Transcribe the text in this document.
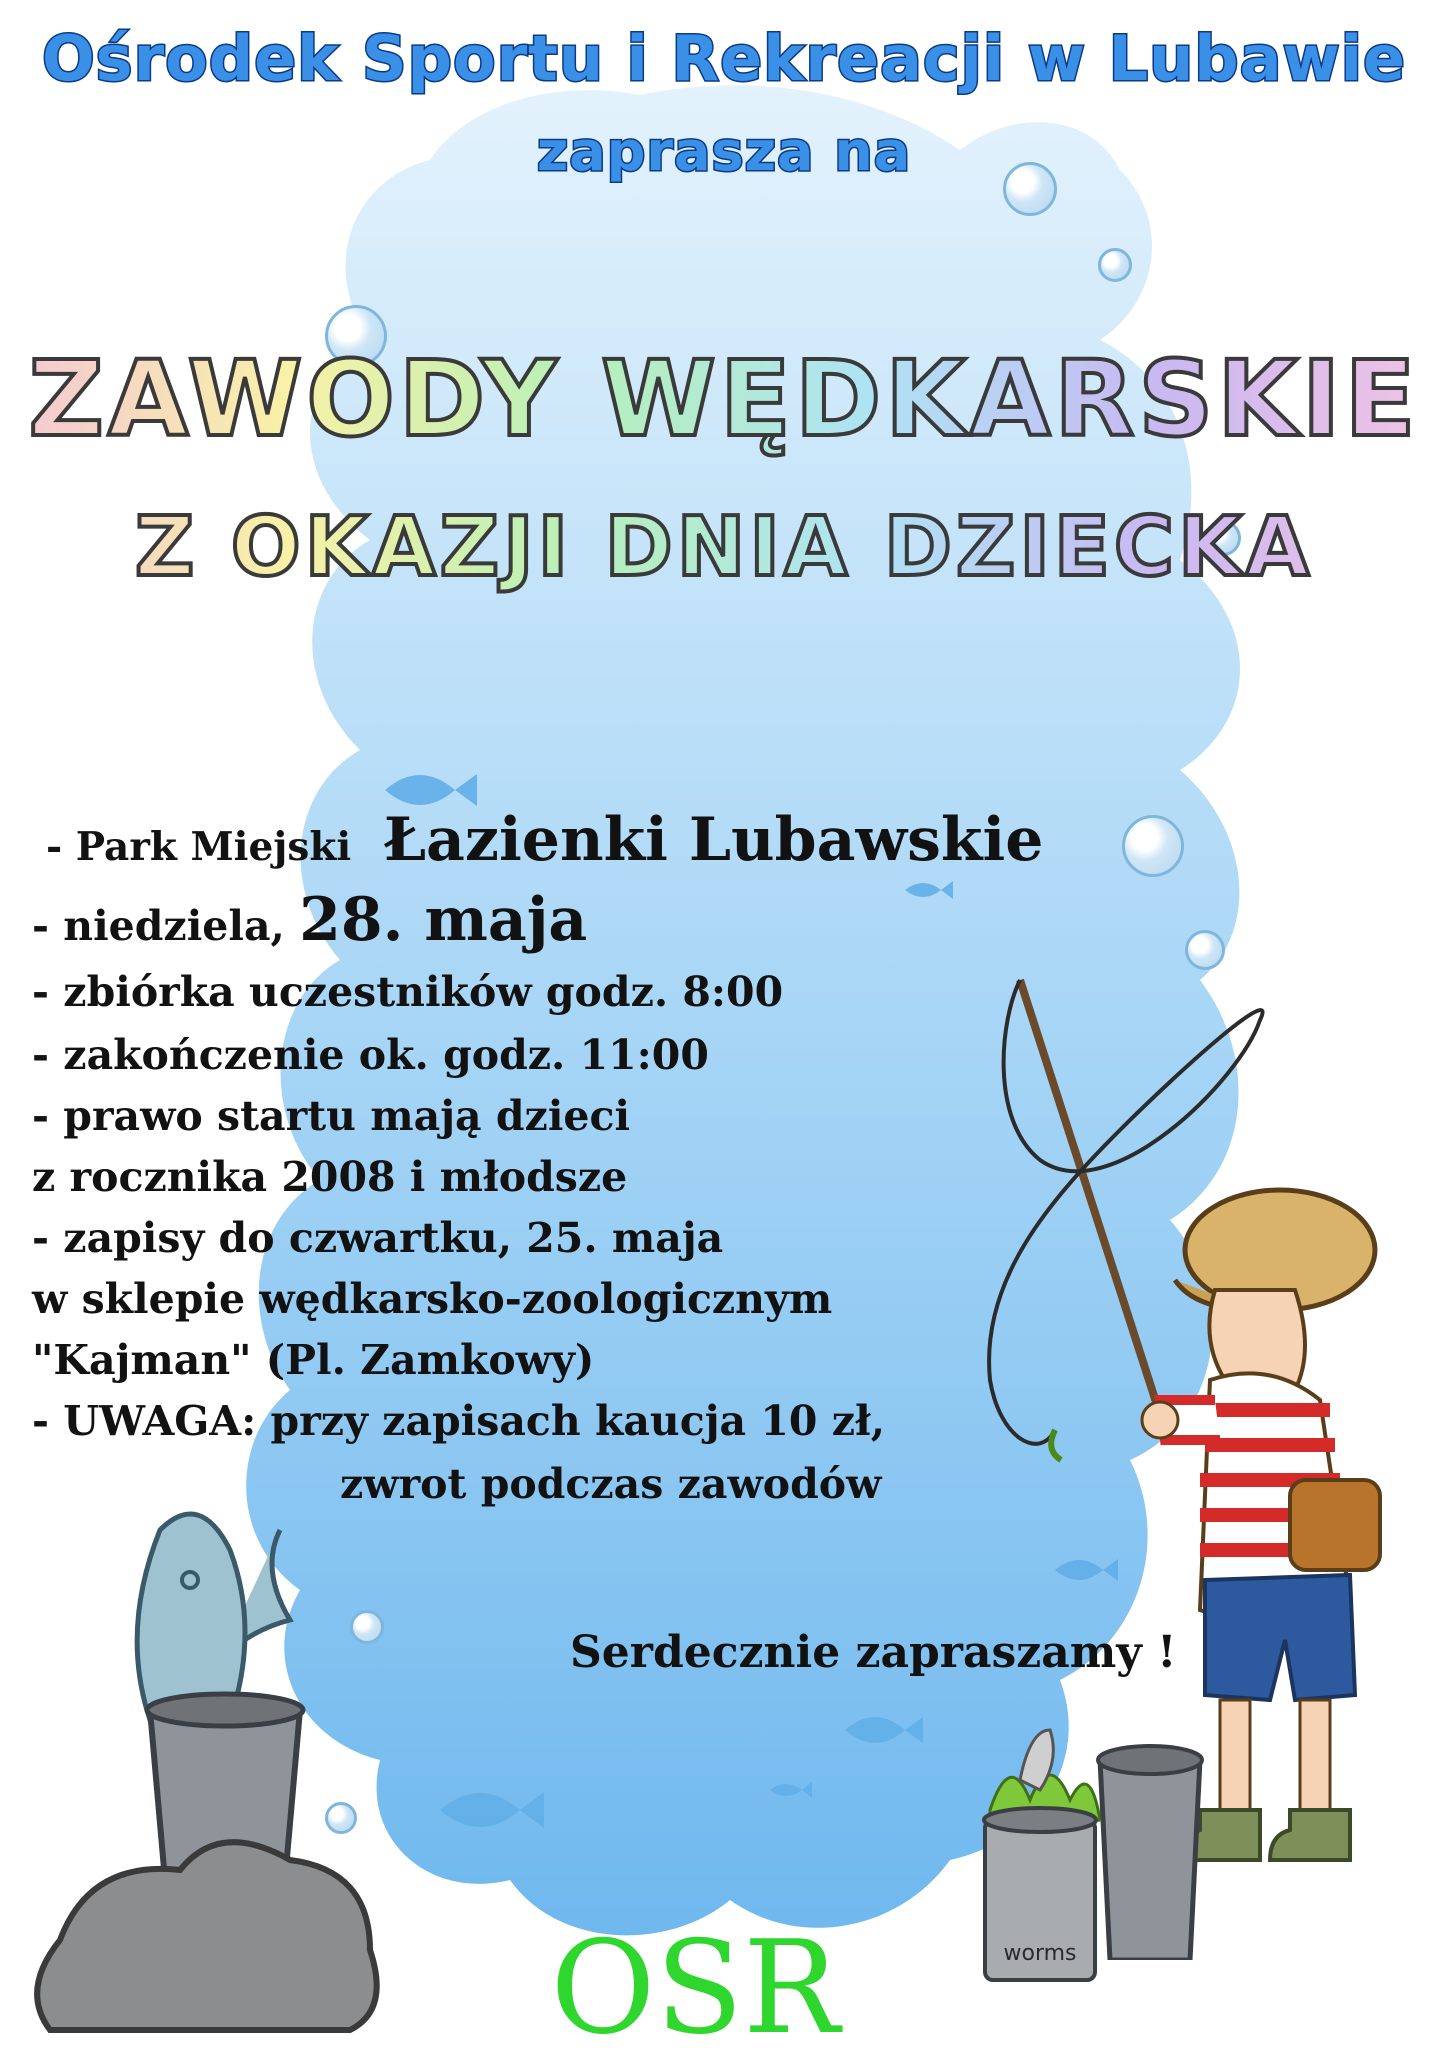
Ośrodek Sportu i Rekreacji w Lubawie
zaprasza na
ZAWODY WĘDKARSKIE
Z OKAZJI DNIA DZIECKA
- Park Miejski Łazienki Lubawskie
- niedziela, 28. maja
- zbiórka uczestników godz. 8:00
- zakończenie ok. godz. 11:00
- prawo startu mają dzieci
z rocznika 2008 i młodsze
- zapisy do czwartku, 25. maja
w sklepie wędkarsko-zoologicznym
"Kajman" (Pl. Zamkowy)
- UWAGA: przy zapisach kaucja 10 zł,
zwrot podczas zawodów
Serdecznie zapraszamy !
worms
OSR
